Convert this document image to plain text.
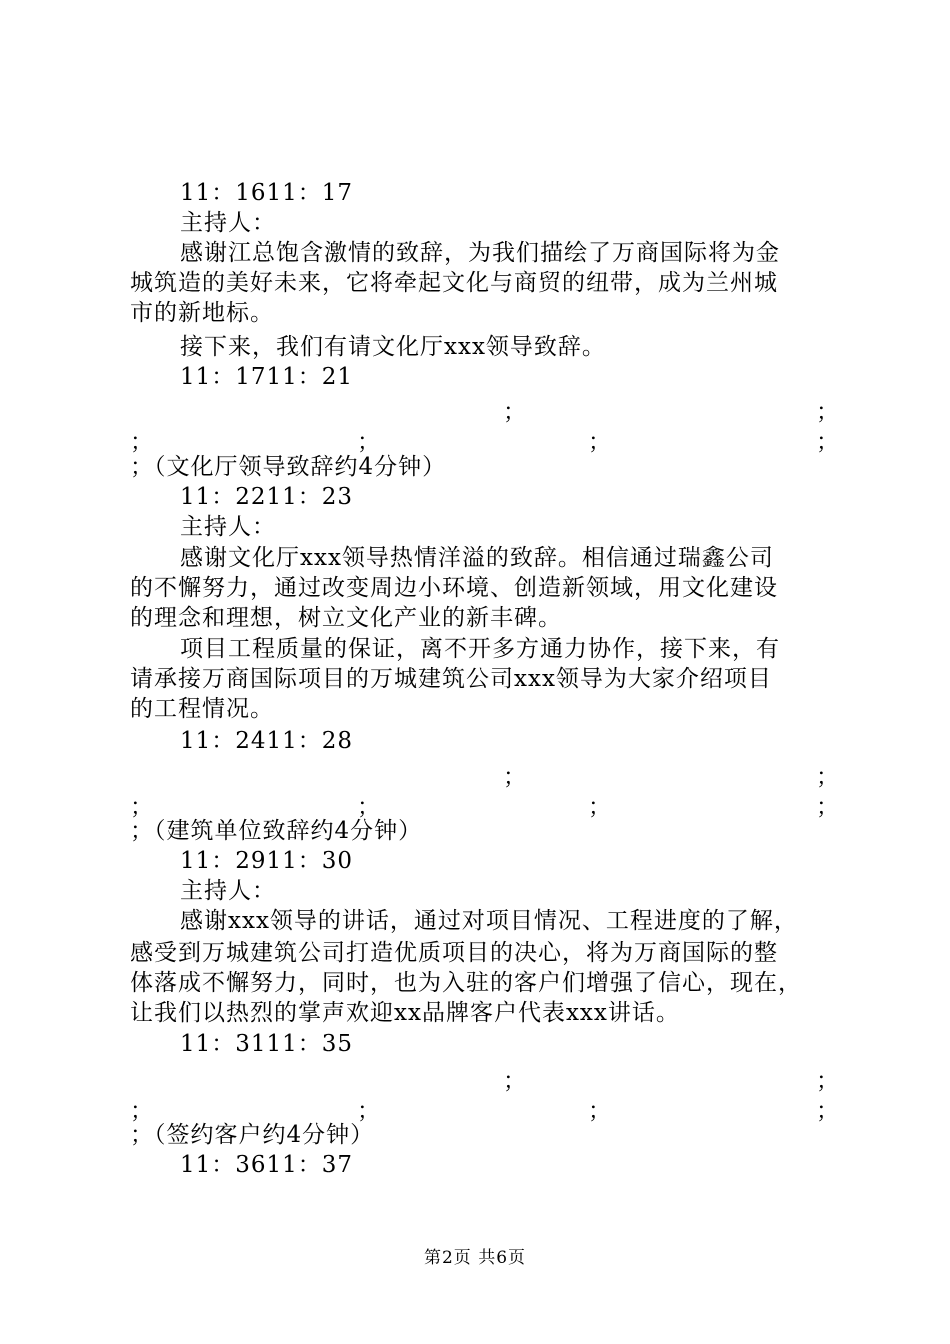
11：1611：17
主持人：
感谢江总饱含激情的致辞，为我们描绘了万商国际将为金
城筑造的美好未来，它将牵起文化与商贸的纽带，成为兰州城
市的新地标。
接下来，我们有请文化厅xxx领导致辞。
11：1711：21
；	；
；	；	；	；
；（文化厅领导致辞约4分钟）
11：2211：23
主持人：
感谢文化厅xxx领导热情洋溢的致辞。相信通过瑞鑫公司
的不懈努力，通过改变周边小环境、创造新领域，用文化建设
的理念和理想，树立文化产业的新丰碑。
项目工程质量的保证，离不开多方通力协作，接下来，有
请承接万商国际项目的万城建筑公司xxx领导为大家介绍项目
的工程情况。
11：2411：28
；	；
；	；	；	；
；（建筑单位致辞约4分钟）
11：2911：30
主持人：
感谢xxx领导的讲话，通过对项目情况、工程进度的了解，
感受到万城建筑公司打造优质项目的决心，将为万商国际的整
体落成不懈努力，同时，也为入驻的客户们增强了信心，现在，
让我们以热烈的掌声欢迎xx品牌客户代表xxx讲话。
11：3111：35
；	；
；	；	；	；
；（签约客户约4分钟）
11：3611：37
第2页 共6页
